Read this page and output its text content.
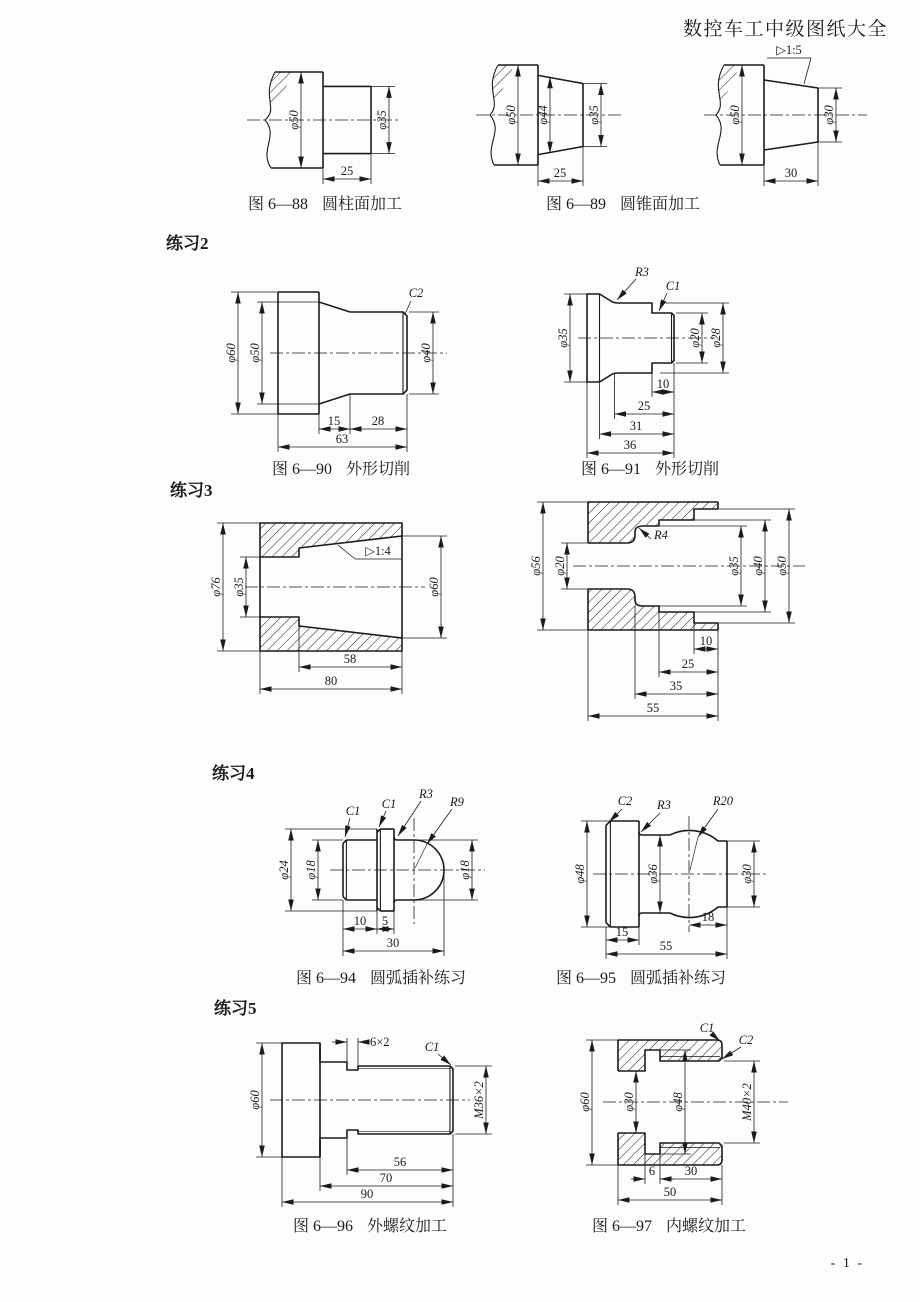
数控车工中级图纸大全
φ50	φ35
25
图 6—88 圆柱面加工
φ50 φ44	φ35
25
▷1:5
φ50	φ30
30
图 6—89 圆锥面加工
练习2
φ60 φ50	φ40
C2
15	28
63
图 6—90 外形切削
φ35
R3
C1
φ20 φ28
10
25
31
36
图 6—91 外形切削
练习3
φ76 φ35
▷1:4
φ60
58
80
φ56 φ20
R4
φ35 φ40 φ50
10
25
35
55
练习4
φ24 φ18
C1 C1
R3
R9
φ18
10 5
30
图 6—94 圆弧插补练习
φ48
C2 R3	R20
φ36	φ30
15
18
55
图 6—95 圆弧插补练习
练习5
φ60
6×2	C1
M36×2
56
70
90
图 6—96 外螺纹加工
φ60 φ30	φ48	M40×2
C1
C2
6 30
50
图 6—97 内螺纹加工
- 1 -
